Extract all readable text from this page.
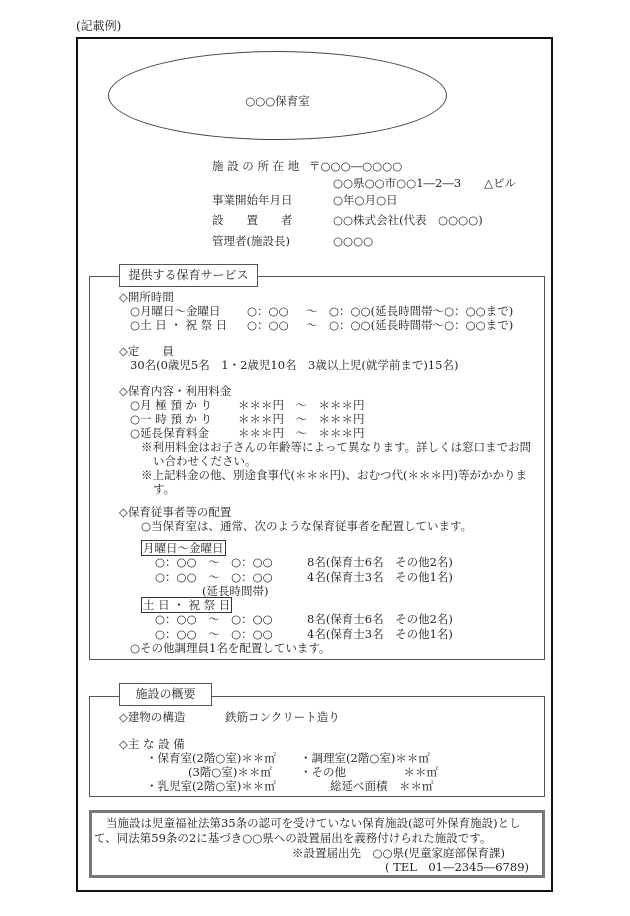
(記載例)
○○○保育室
施 設 の 所 在 地 〒○○○―○○○○
○○県○○市○○1―2―3　　△ビル
事業開始年月日	○年○月○日
設　　置　　者	○○株式会社(代表　○○○○)
管理者(施設長)	○○○○
提供する保育サービス
◇開所時間
○月曜日～金曜日 ○：○○ ～　○：○○(延長時間帯～○：○○まで)
○土 日 ・ 祝 祭 日 ○：○○ ～　○：○○(延長時間帯～○：○○まで)
◇定　　員
30名(0歳児5名　1・2歳児10名　3歳以上児(就学前まで)15名)
◇保育内容・利用料金
○月 極 預 か り ＊＊＊円　～　＊＊＊円
○一 時 預 か り ＊＊＊円　～　＊＊＊円
○延長保育料金	＊＊＊円　～　＊＊＊円
※利用料金はお子さんの年齢等によって異なります。詳しくは窓口までお問
い合わせください。
※上記料金の他、別途食事代(＊＊＊円)、おむつ代(＊＊＊円)等がかかりま
す。
◇保育従事者等の配置
○当保育室は、通常、次のような保育従事者を配置しています。
月曜日～金曜日
○：○○　～　○：○○	8名(保育士6名　その他2名)
○：○○　～　○：○○	4名(保育士3名　その他1名)
(延長時間帯)
土 日 ・ 祝 祭 日
○：○○　～　○：○○	8名(保育士6名　その他2名)
○：○○　～　○：○○	4名(保育士3名　その他1名)
○その他調理員1名を配置しています。
施設の概要
◇建物の構造	鉄筋コンクリート造り
◇主 な 設 備
・保育室(2階○室)＊＊㎡
(3階○室)＊＊㎡
・乳児室(2階○室)＊＊㎡
・調理室(2階○室)＊＊㎡
・その他　　　　　＊＊㎡
総延べ面積　＊＊㎡
当施設は児童福祉法第35条の認可を受けていない保育施設(認可外保育施設)とし
て、同法第59条の2に基づき○○県への設置届出を義務付けられた施設です。
※設置届出先　○○県(児童家庭部保育課)
( TEL　01―2345―6789)
